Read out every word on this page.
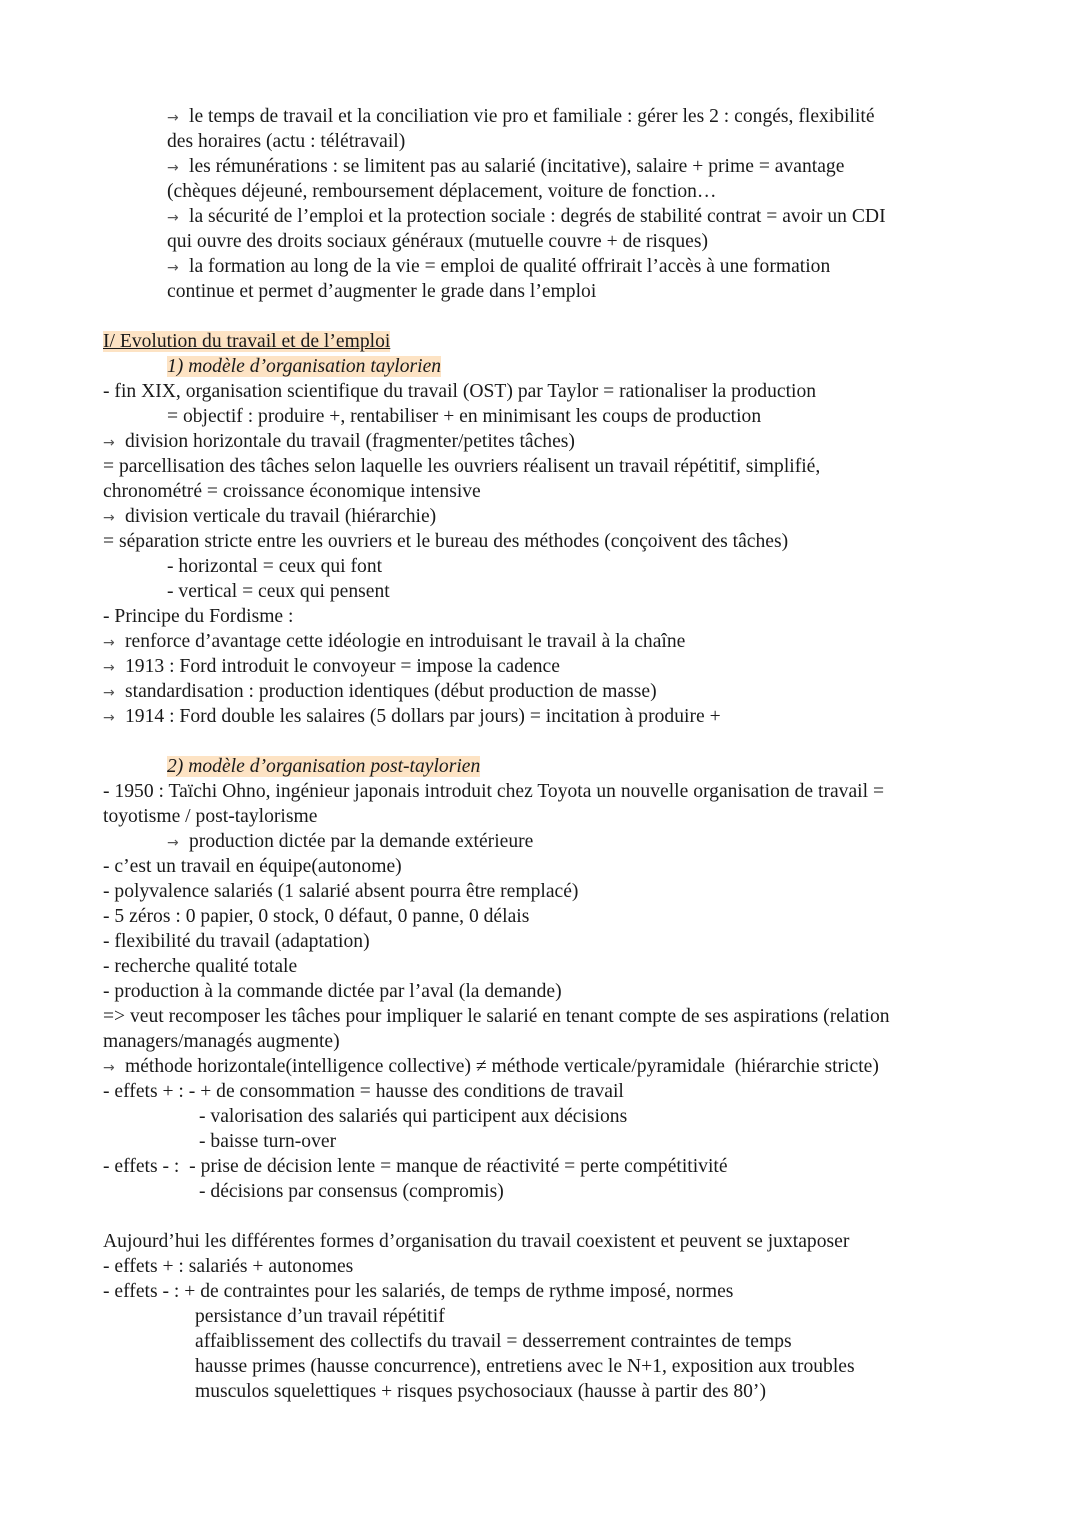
→ le temps de travail et la conciliation vie pro et familiale : gérer les 2 : congés, flexibilité
des horaires (actu : télétravail)
→ les rémunérations : se limitent pas au salarié (incitative), salaire + prime = avantage
(chèques déjeuné, remboursement déplacement, voiture de fonction…
→ la sécurité de l’emploi et la protection sociale : degrés de stabilité contrat = avoir un CDI
qui ouvre des droits sociaux généraux (mutuelle couvre + de risques)
→ la formation au long de la vie = emploi de qualité offrirait l’accès à une formation
continue et permet d’augmenter le grade dans l’emploi
I/ Evolution du travail et de l’emploi
1) modèle d’organisation taylorien
- fin XIX, organisation scientifique du travail (OST) par Taylor = rationaliser la production
= objectif : produire +, rentabiliser + en minimisant les coups de production
→ division horizontale du travail (fragmenter/petites tâches)
= parcellisation des tâches selon laquelle les ouvriers réalisent un travail répétitif, simplifié,
chronométré = croissance économique intensive
→ division verticale du travail (hiérarchie)
= séparation stricte entre les ouvriers et le bureau des méthodes (conçoivent des tâches)
- horizontal = ceux qui font
- vertical = ceux qui pensent
- Principe du Fordisme :
→ renforce d’avantage cette idéologie en introduisant le travail à la chaîne
→ 1913 : Ford introduit le convoyeur = impose la cadence
→ standardisation : production identiques (début production de masse)
→ 1914 : Ford double les salaires (5 dollars par jours) = incitation à produire +
2) modèle d’organisation post-taylorien
- 1950 : Taïchi Ohno, ingénieur japonais introduit chez Toyota un nouvelle organisation de travail =
toyotisme / post-taylorisme
→ production dictée par la demande extérieure
- c’est un travail en équipe(autonome)
- polyvalence salariés (1 salarié absent pourra être remplacé)
- 5 zéros : 0 papier, 0 stock, 0 défaut, 0 panne, 0 délais
- flexibilité du travail (adaptation)
- recherche qualité totale
- production à la commande dictée par l’aval (la demande)
=> veut recomposer les tâches pour impliquer le salarié en tenant compte de ses aspirations (relation
managers/managés augmente)
→ méthode horizontale(intelligence collective) ≠ méthode verticale/pyramidale  (hiérarchie stricte)
- effets + : - + de consommation = hausse des conditions de travail
- valorisation des salariés qui participent aux décisions
- baisse turn-over
- effets - :  - prise de décision lente = manque de réactivité = perte compétitivité
- décisions par consensus (compromis)
Aujourd’hui les différentes formes d’organisation du travail coexistent et peuvent se juxtaposer
- effets + : salariés + autonomes
- effets - : + de contraintes pour les salariés, de temps de rythme imposé, normes
persistance d’un travail répétitif
affaiblissement des collectifs du travail = desserrement contraintes de temps
hausse primes (hausse concurrence), entretiens avec le N+1, exposition aux troubles
musculos squelettiques + risques psychosociaux (hausse à partir des 80’)
